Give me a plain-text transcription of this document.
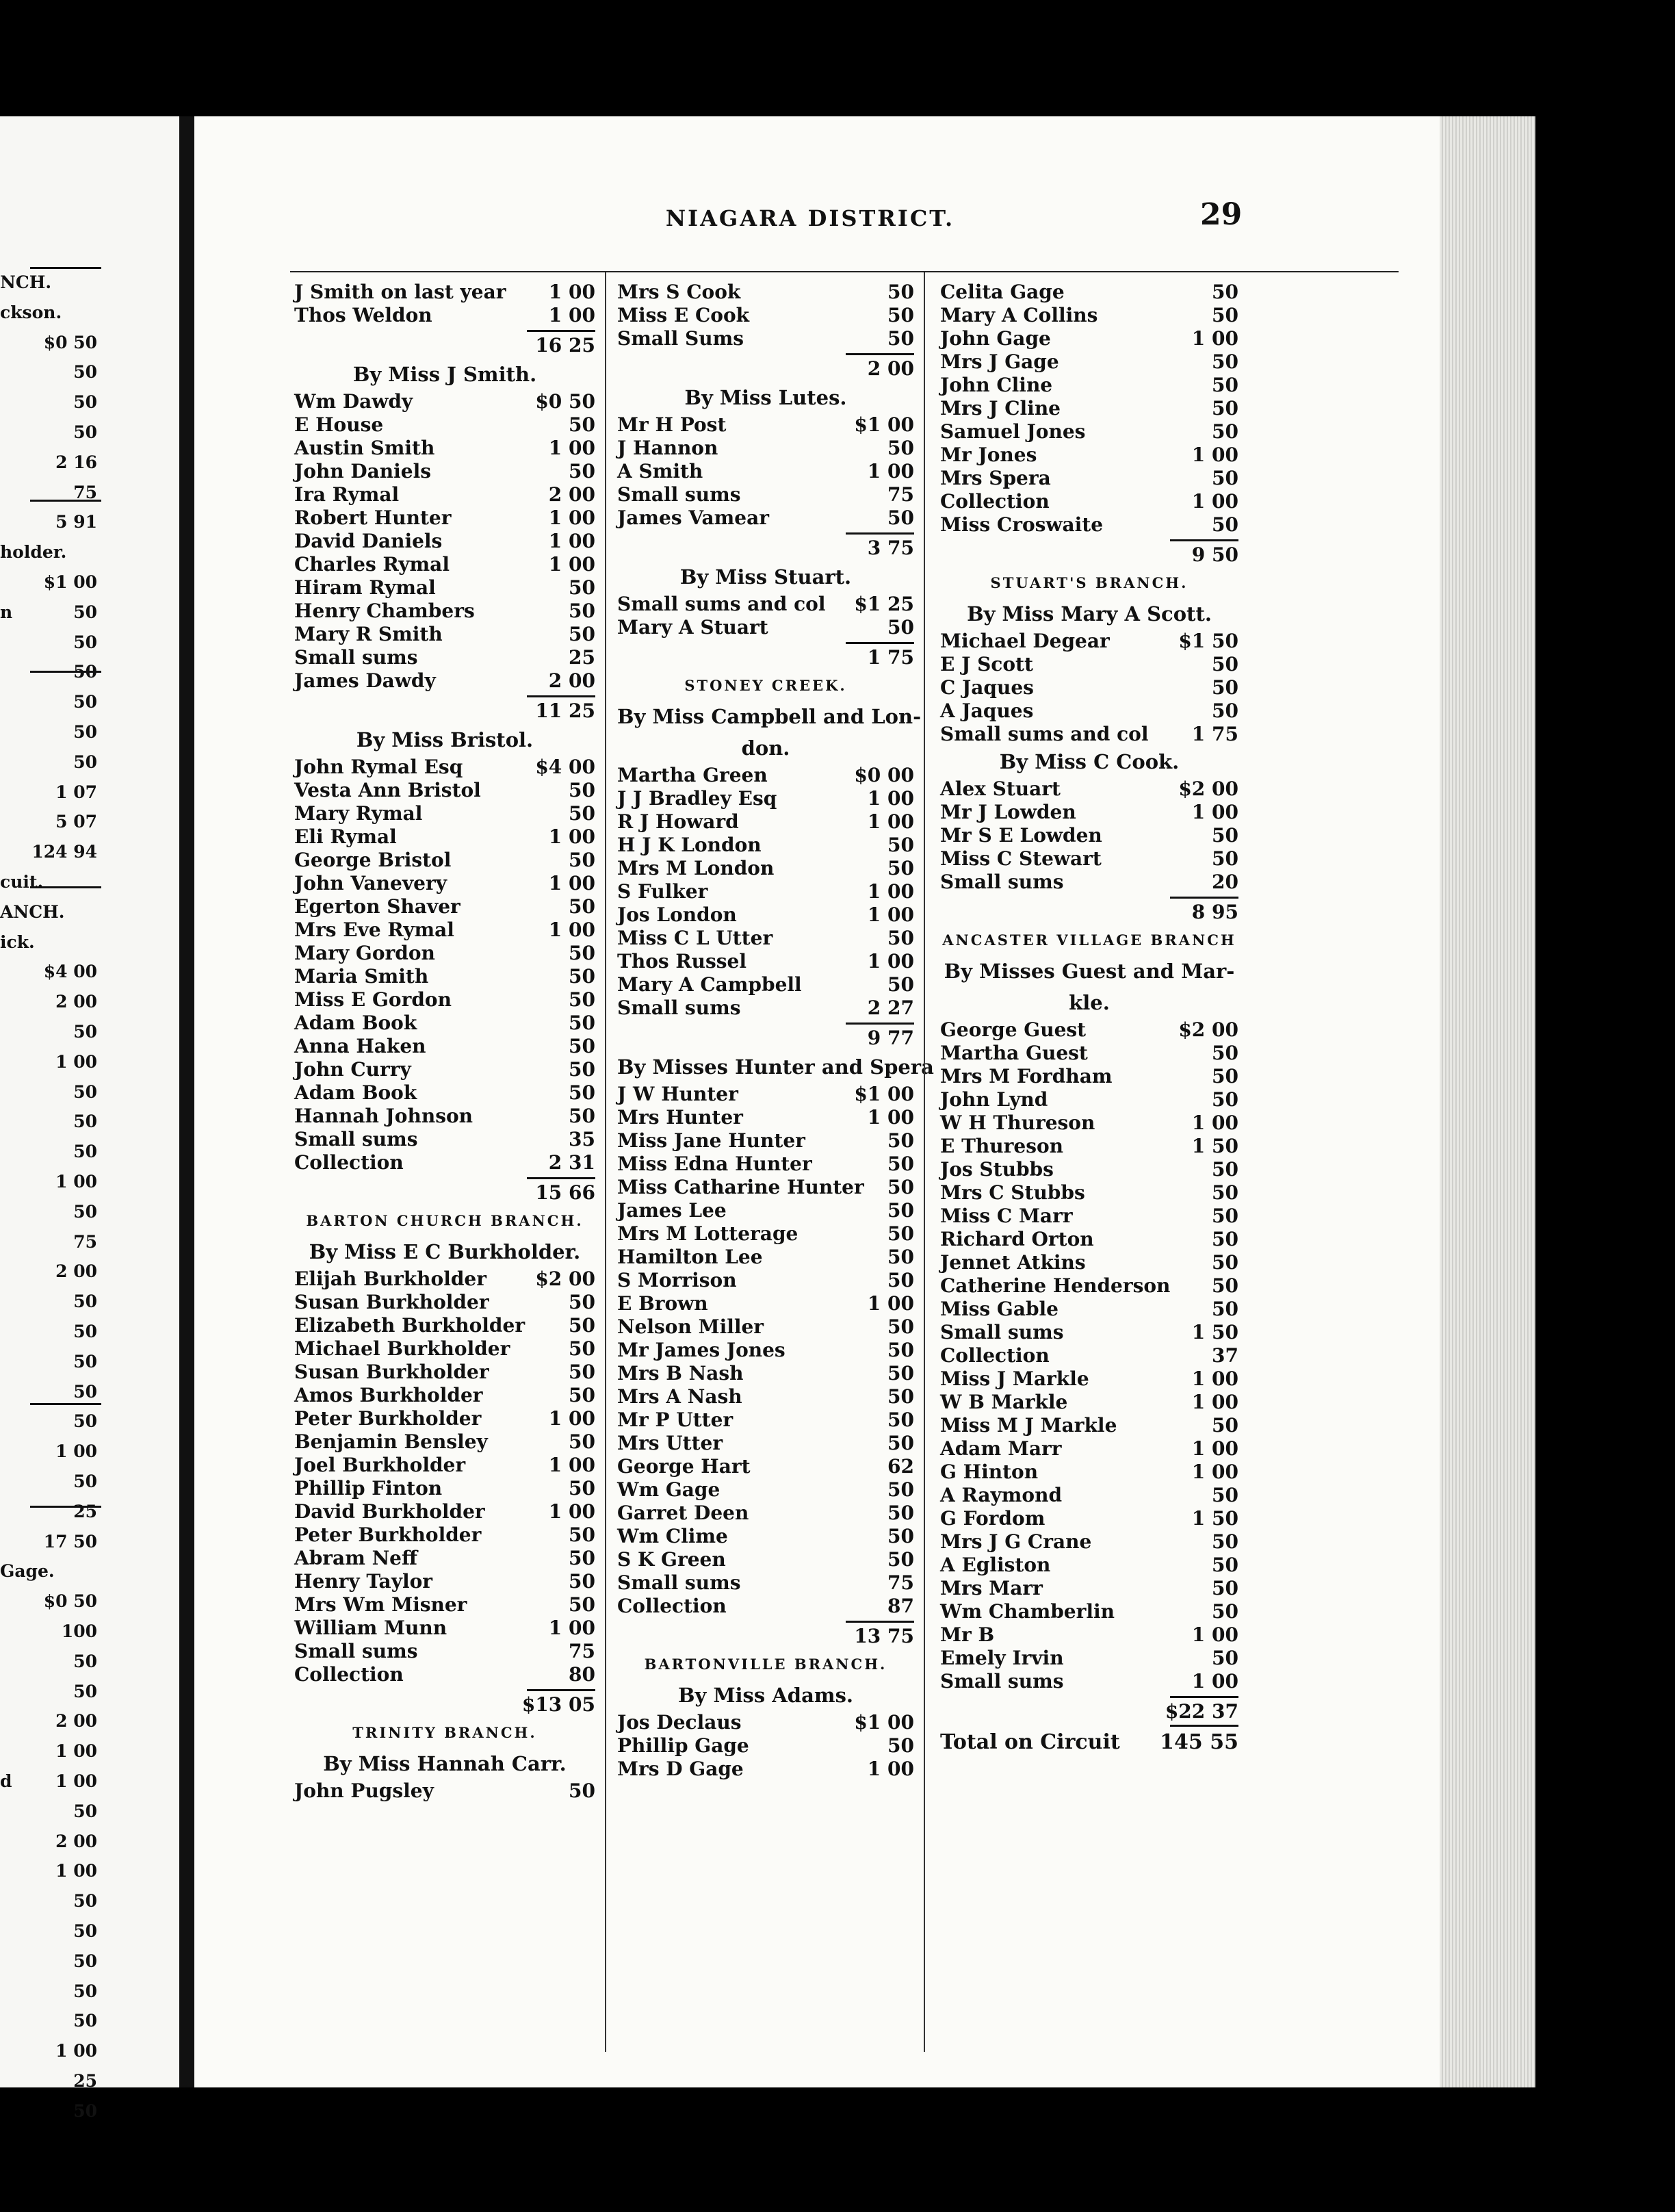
NCH.
ckson.
$0 50
50
50
50
2 16
75
5 91
holder.
$1 00
n	50
50
50
50
50
50
1 07
5 07
124 94
cuit.
ANCH.
ick.
$4 00
2 00
50
1 00
50
50
50
1 00
50
75
2 00
50
50
50
50
50
1 00
50
25
17 50
Gage.
$0 50
100
50
50
2 00
1 00
d	1 00
50
2 00
1 00
50
50
50
50
50
1 00
25
50
NIAGARA DISTRICT.	29
J Smith on last year 1 00
Thos Weldon	1 00
16 25
By Miss J Smith.
Wm Dawdy	$0 50
E House	50
Austin Smith	1 00
John Daniels	50
Ira Rymal	2 00
Robert Hunter	1 00
David Daniels	1 00
Charles Rymal	1 00
Hiram Rymal	50
Henry Chambers	50
Mary R Smith	50
Small sums	25
James Dawdy	2 00
11 25
By Miss Bristol.
John Rymal Esq	$4 00
Vesta Ann Bristol	50
Mary Rymal	50
Eli Rymal	1 00
George Bristol	50
John Vanevery	1 00
Egerton Shaver	50
Mrs Eve Rymal	1 00
Mary Gordon	50
Maria Smith	50
Miss E Gordon	50
Adam Book	50
Anna Haken	50
John Curry	50
Adam Book	50
Hannah Johnson	50
Small sums	35
Collection	2 31
15 66
BARTON CHURCH BRANCH.
By Miss E C Burkholder.
Elijah Burkholder	$2 00
Susan Burkholder	50
Elizabeth Burkholder 50
Michael Burkholder	50
Susan Burkholder	50
Amos Burkholder	50
Peter Burkholder	1 00
Benjamin Bensley	50
Joel Burkholder	1 00
Phillip Finton	50
David Burkholder	1 00
Peter Burkholder	50
Abram Neff	50
Henry Taylor	50
Mrs Wm Misner	50
William Munn	1 00
Small sums	75
Collection	80
$13 05
TRINITY BRANCH.
By Miss Hannah Carr.
John Pugsley	50
Mrs S Cook	50
Miss E Cook	50
Small Sums	50
2 00
By Miss Lutes.
Mr H Post	$1 00
J Hannon	50
A Smith	1 00
Small sums	75
James Vamear	50
3 75
By Miss Stuart.
Small sums and col $1 25
Mary A Stuart	50
1 75
STONEY CREEK.
By Miss Campbell and Lon-
don.
Martha Green	$0 00
J J Bradley Esq	1 00
R J Howard	1 00
H J K London	50
Mrs M London	50
S Fulker	1 00
Jos London	1 00
Miss C L Utter	50
Thos Russel	1 00
Mary A Campbell	50
Small sums	2 27
9 77
By Misses Hunter and Spera
J W Hunter	$1 00
Mrs Hunter	1 00
Miss Jane Hunter	50
Miss Edna Hunter	50
Miss Catharine Hunter 50
James Lee	50
Mrs M Lotterage	50
Hamilton Lee	50
S Morrison	50
E Brown	1 00
Nelson Miller	50
Mr James Jones	50
Mrs B Nash	50
Mrs A Nash	50
Mr P Utter	50
Mrs Utter	50
George Hart	62
Wm Gage	50
Garret Deen	50
Wm Clime	50
S K Green	50
Small sums	75
Collection	87
13 75
BARTONVILLE BRANCH.
By Miss Adams.
Jos Declaus	$1 00
Phillip Gage	50
Mrs D Gage	1 00
Celita Gage	50
Mary A Collins	50
John Gage	1 00
Mrs J Gage	50
John Cline	50
Mrs J Cline	50
Samuel Jones	50
Mr Jones	1 00
Mrs Spera	50
Collection	1 00
Miss Croswaite	50
9 50
STUART'S BRANCH.
By Miss Mary A Scott.
Michael Degear	$1 50
E J Scott	50
C Jaques	50
A Jaques	50
Small sums and col 1 75
By Miss C Cook.
Alex Stuart	$2 00
Mr J Lowden	1 00
Mr S E Lowden	50
Miss C Stewart	50
Small sums	20
8 95
ANCASTER VILLAGE BRANCH
By Misses Guest and Mar-
kle.
George Guest	$2 00
Martha Guest	50
Mrs M Fordham	50
John Lynd	50
W H Thureson	1 00
E Thureson	1 50
Jos Stubbs	50
Mrs C Stubbs	50
Miss C Marr	50
Richard Orton	50
Jennet Atkins	50
Catherine Henderson 50
Miss Gable	50
Small sums	1 50
Collection	37
Miss J Markle	1 00
W B Markle	1 00
Miss M J Markle	50
Adam Marr	1 00
G Hinton	1 00
A Raymond	50
G Fordom	1 50
Mrs J G Crane	50
A Egliston	50
Mrs Marr	50
Wm Chamberlin	50
Mr B	1 00
Emely Irvin	50
Small sums	1 00
$22 37
Total on Circuit 145 55
